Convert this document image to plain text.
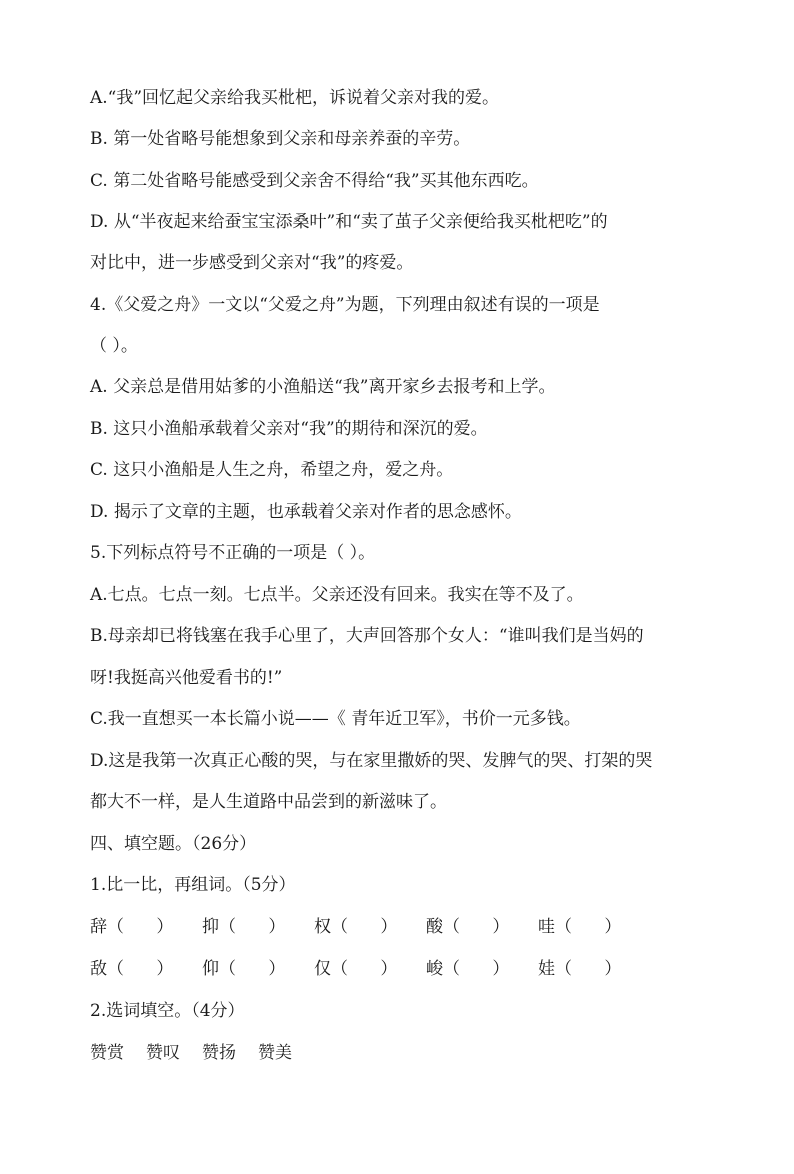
A.“我”回忆起父亲给我买枇杷，诉说着父亲对我的爱。
B. 第一处省略号能想象到父亲和母亲养蚕的辛劳。
C. 第二处省略号能感受到父亲舍不得给“我”买其他东西吃。
D. 从“半夜起来给蚕宝宝添桑叶”和“卖了茧子父亲便给我买枇杷吃”的
对比中，进一步感受到父亲对“我”的疼爱。
4.《父爱之舟》一文以“父爱之舟”为题，下列理由叙述有误的一项是
（ ）。
A. 父亲总是借用姑爹的小渔船送“我”离开家乡去报考和上学。
B. 这只小渔船承载着父亲对“我”的期待和深沉的爱。
C. 这只小渔船是人生之舟，希望之舟，爱之舟。
D. 揭示了文章的主题，也承载着父亲对作者的思念感怀。
5.下列标点符号不正确的一项是（ ）。
A.七点。七点一刻。七点半。父亲还没有回来。我实在等不及了。
B.母亲却已将钱塞在我手心里了，大声回答那个女人：“谁叫我们是当妈的
呀!我挺高兴他爱看书的!”
C.我一直想买一本长篇小说——《 青年近卫军》，书价一元多钱。
D.这是我第一次真正心酸的哭，与在家里撒娇的哭、发脾气的哭、打架的哭
都大不一样，是人生道路中品尝到的新滋味了。
四、填空题。（26分）
1.比一比，再组词。（5分）

辞（      ）

抑（      ）

权（      ）

酸（      ）

哇（      ）

敌（      ）

仰（      ）

仅（      ）

峻（      ）

娃（      ）

2.选词填空。（4分）

赞赏

赞叹

赞扬

赞美
